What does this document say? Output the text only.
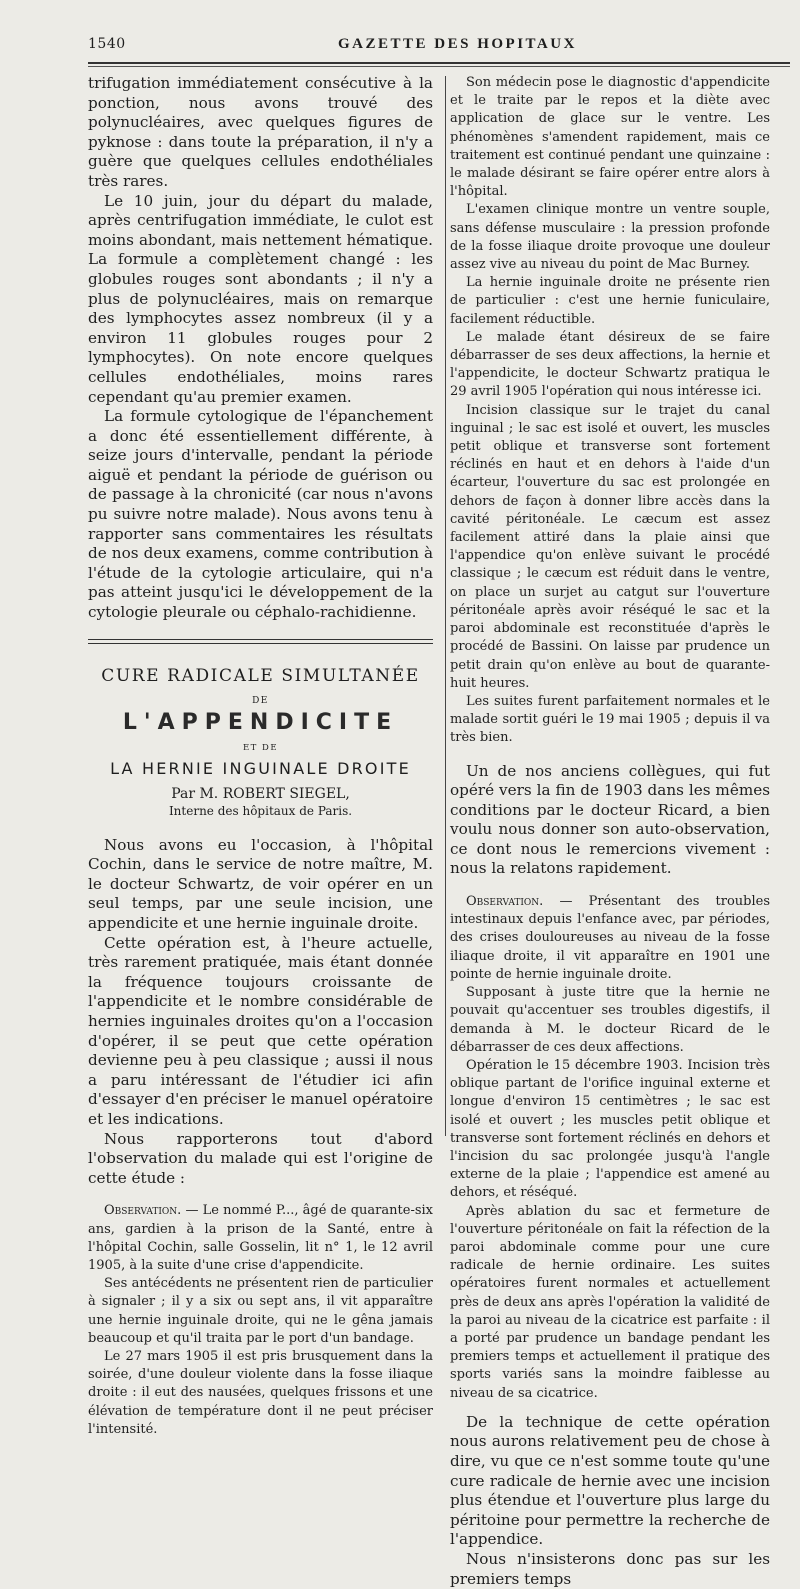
1540	GAZETTE DES HOPITAUX

trifugation immédiatement consécutive à la ponction, nous avons trouvé des polynucléaires, avec quelques figures de pyknose : dans toute la préparation, il n'y a guère que quelques cellules endothéliales très rares.

Le 10 juin, jour du départ du malade, après centrifugation immédiate, le culot est moins abondant, mais nettement hématique. La formule a complètement changé : les globules rouges sont abondants ; il n'y a plus de polynucléaires, mais on remarque des lymphocytes assez nombreux (il y a environ 11 globules rouges pour 2 lymphocytes). On note encore quelques cellules endothéliales, moins rares cependant qu'au premier examen.

La formule cytologique de l'épanchement a donc été essentiellement différente, à seize jours d'intervalle, pendant la période aiguë et pendant la période de guérison ou de passage à la chronicité (car nous n'avons pu suivre notre malade). Nous avons tenu à rapporter sans commentaires les résultats de nos deux examens, comme contribution à l'étude de la cytologie articulaire, qui n'a pas atteint jusqu'ici le développement de la cytologie pleurale ou céphalo-rachidienne.

CURE RADICALE SIMULTANÉE
DE
L'APPENDICITE
ET DE
LA HERNIE INGUINALE DROITE
Par M. ROBERT SIEGEL,
Interne des hôpitaux de Paris.

Nous avons eu l'occasion, à l'hôpital Cochin, dans le service de notre maître, M. le docteur Schwartz, de voir opérer en un seul temps, par une seule incision, une appendicite et une hernie inguinale droite.

Cette opération est, à l'heure actuelle, très rarement pratiquée, mais étant donnée la fréquence toujours croissante de l'appendicite et le nombre considérable de hernies inguinales droites qu'on a l'occasion d'opérer, il se peut que cette opération devienne peu à peu classique ; aussi il nous a paru intéressant de l'étudier ici afin d'essayer d'en préciser le manuel opératoire et les indications.

Nous rapporterons tout d'abord l'observation du malade qui est l'origine de cette étude :

Observation. — Le nommé P..., âgé de quarante-six ans, gardien à la prison de la Santé, entre à l'hôpital Cochin, salle Gosselin, lit n° 1, le 12 avril 1905, à la suite d'une crise d'appendicite.

Ses antécédents ne présentent rien de particulier à signaler ; il y a six ou sept ans, il vit apparaître une hernie inguinale droite, qui ne le gêna jamais beaucoup et qu'il traita par le port d'un bandage.

Le 27 mars 1905 il est pris brusquement dans la soirée, d'une douleur violente dans la fosse iliaque droite : il eut des nausées, quelques frissons et une élévation de température dont il ne peut préciser l'intensité.

Son médecin pose le diagnostic d'appendicite et le traite par le repos et la diète avec application de glace sur le ventre. Les phénomènes s'amendent rapidement, mais ce traitement est continué pendant une quinzaine : le malade désirant se faire opérer entre alors à l'hôpital.

L'examen clinique montre un ventre souple, sans défense musculaire : la pression profonde de la fosse iliaque droite provoque une douleur assez vive au niveau du point de Mac Burney.

La hernie inguinale droite ne présente rien de particulier : c'est une hernie funiculaire, facilement réductible.

Le malade étant désireux de se faire débarrasser de ses deux affections, la hernie et l'appendicite, le docteur Schwartz pratiqua le 29 avril 1905 l'opération qui nous intéresse ici.

Incision classique sur le trajet du canal inguinal ; le sac est isolé et ouvert, les muscles petit oblique et transverse sont fortement réclinés en haut et en dehors à l'aide d'un écarteur, l'ouverture du sac est prolongée en dehors de façon à donner libre accès dans la cavité péritonéale. Le cæcum est assez facilement attiré dans la plaie ainsi que l'appendice qu'on enlève suivant le procédé classique ; le cæcum est réduit dans le ventre, on place un surjet au catgut sur l'ouverture péritonéale après avoir réséqué le sac et la paroi abdominale est reconstituée d'après le procédé de Bassini. On laisse par prudence un petit drain qu'on enlève au bout de quarante-huit heures.

Les suites furent parfaitement normales et le malade sortit guéri le 19 mai 1905 ; depuis il va très bien.

Un de nos anciens collègues, qui fut opéré vers la fin de 1903 dans les mêmes conditions par le docteur Ricard, a bien voulu nous donner son auto-observation, ce dont nous le remercions vivement : nous la relatons rapidement.

Observation. — Présentant des troubles intestinaux depuis l'enfance avec, par périodes, des crises douloureuses au niveau de la fosse iliaque droite, il vit apparaître en 1901 une pointe de hernie inguinale droite.

Supposant à juste titre que la hernie ne pouvait qu'accentuer ses troubles digestifs, il demanda à M. le docteur Ricard de le débarrasser de ces deux affections.

Opération le 15 décembre 1903. Incision très oblique partant de l'orifice inguinal externe et longue d'environ 15 centimètres ; le sac est isolé et ouvert ; les muscles petit oblique et transverse sont fortement réclinés en dehors et l'incision du sac prolongée jusqu'à l'angle externe de la plaie ; l'appendice est amené au dehors, et réséqué.

Après ablation du sac et fermeture de l'ouverture péritonéale on fait la réfection de la paroi abdominale comme pour une cure radicale de hernie ordinaire. Les suites opératoires furent normales et actuellement près de deux ans après l'opération la validité de la paroi au niveau de la cicatrice est parfaite : il a porté par prudence un bandage pendant les premiers temps et actuellement il pratique des sports variés sans la moindre faiblesse au niveau de sa cicatrice.

De la technique de cette opération nous aurons relativement peu de chose à dire, vu que ce n'est somme toute qu'une cure radicale de hernie avec une incision plus étendue et l'ouverture plus large du péritoine pour permettre la recherche de l'appendice.

Nous n'insisterons donc pas sur les premiers temps
